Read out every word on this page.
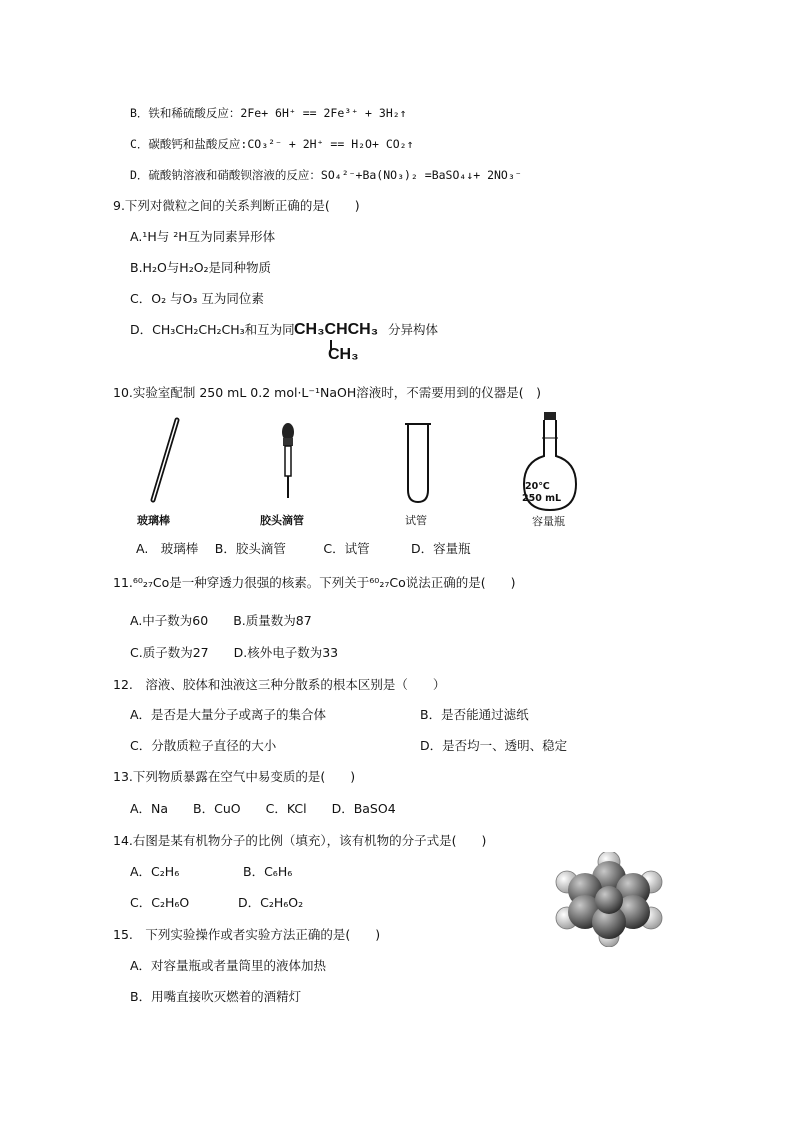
B．铁和稀硫酸反应：2Fe+ 6H⁺ == 2Fe³⁺ + 3H₂↑
C．碳酸钙和盐酸反应:CO₃²⁻ + 2H⁺ == H₂O+ CO₂↑
D．硫酸钠溶液和硝酸钡溶液的反应：SO₄²⁻+Ba(NO₃)₂ =BaSO₄↓+ 2NO₃⁻
9.下列对微粒之间的关系判断正确的是(　　)
A.¹H与 ²H互为同素异形体
B.H₂O与H₂O₂是同种物质
C．O₂ 与O₃ 互为同位素
D．CH₃CH₂CH₂CH₃和互为同 CH₃CHCH₃
CH₃
分异构体
10.实验室配制 250 mL 0.2 mol·L⁻¹NaOH溶液时，不需要用到的仪器是(　)
20℃
250 mL
玻璃棒	胶头滴管	试管	容量瓶
A.　玻璃棒　 B．胶头滴管　　　C．试管　　　 D．容量瓶
11.⁶⁰₂₇Co是一种穿透力很强的核素。下列关于⁶⁰₂₇Co说法正确的是(　　)
A.中子数为60　　B.质量数为87
C.质子数为27　　D.核外电子数为33
12.　溶液、胶体和浊液这三种分散系的根本区别是（　　）
A．是否是大量分子或离子的集合体	B．是否能通过滤纸
C．分散质粒子直径的大小	D．是否均一、透明、稳定
13.下列物质暴露在空气中易变质的是(　　)
A．Na　　B．CuO　　C．KCl　　D．BaSO4
14.右图是某有机物分子的比例（填充），该有机物的分子式是(　　)
A．C₂H₆	B．C₆H₆
C．C₂H₆O	D．C₂H₆O₂
15.　下列实验操作或者实验方法正确的是(　　)
A．对容量瓶或者量筒里的液体加热
B．用嘴直接吹灭燃着的酒精灯
